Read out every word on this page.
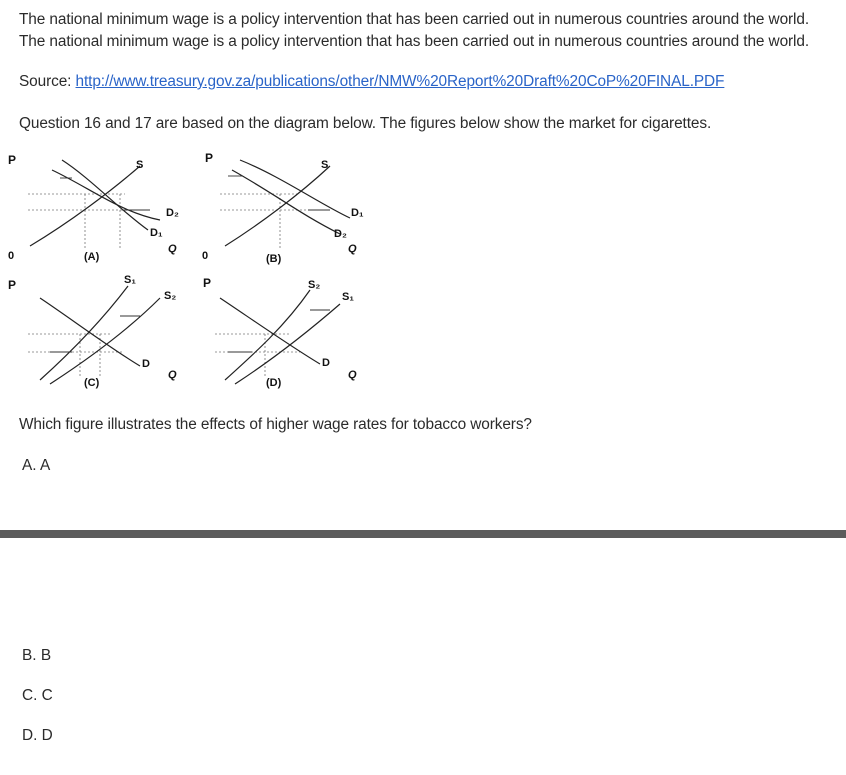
The national minimum wage is a policy intervention that has been carried out in numerous countries around the world. The national minimum wage is a policy intervention that has been carried out in numerous countries around the world.

Source: http://www.treasury.gov.za/publications/other/NMW%20Report%20Draft%20CoP%20FINAL.PDF

Question 16 and 17 are based on the diagram below. The figures below show the market for cigarettes.

P
0
S
D₂
D₁
Q
(A)
P
0
S
D₁
D₂
Q
(B)
P	S₁
S₂
D
Q
(C)
P	S₂
S₁
D
Q
(D)

Which figure illustrates the effects of higher wage rates for tobacco workers?

A. A
B. B
C. C
D. D
